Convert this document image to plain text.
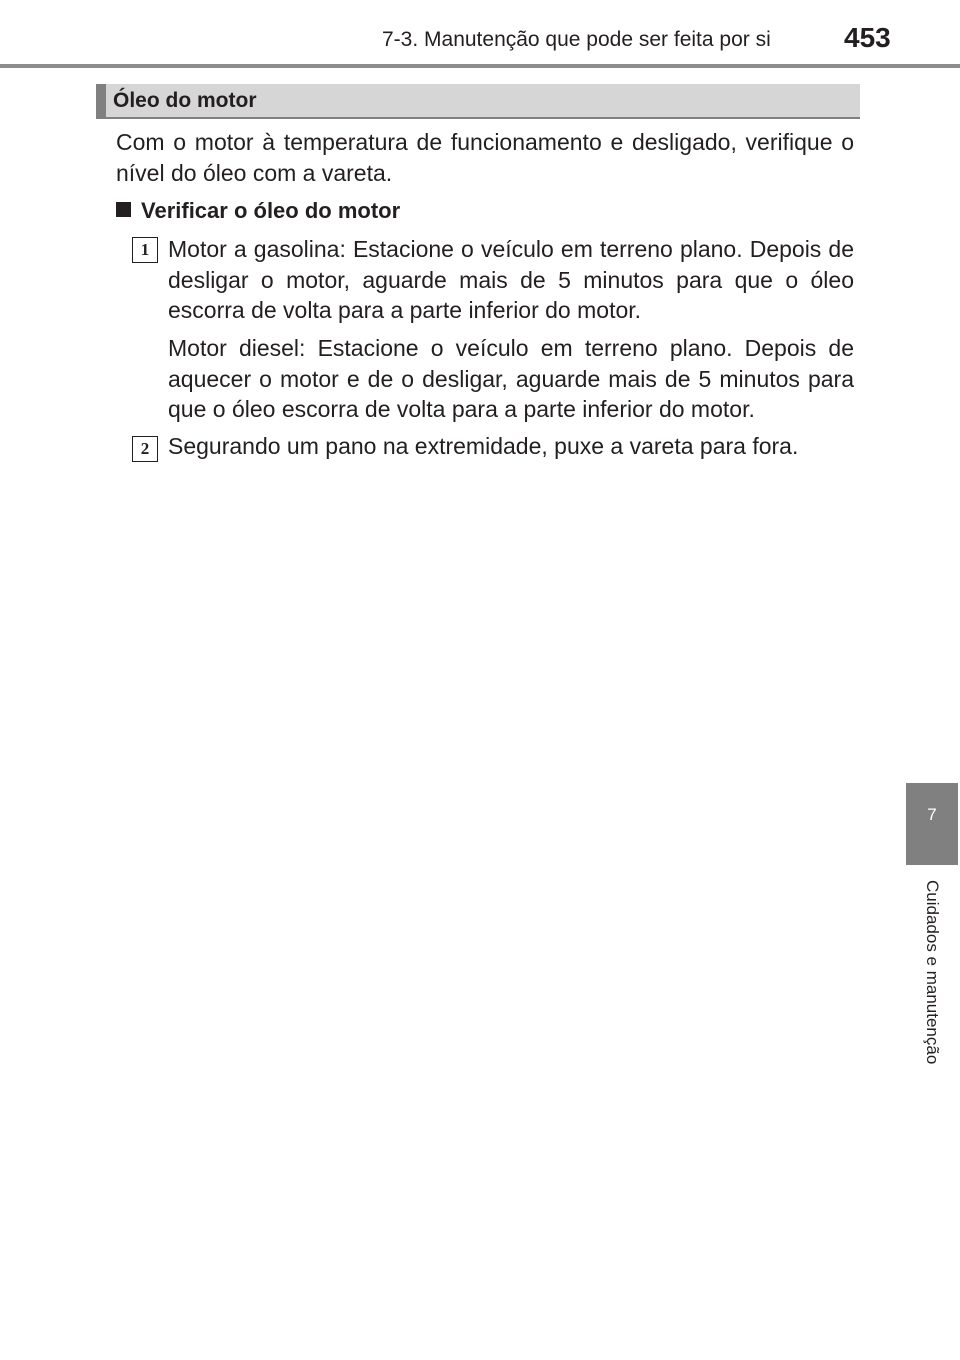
7-3. Manutenção que pode ser feita por si	453
Óleo do motor
Com o motor à temperatura de funcionamento e desligado, verifique o nível do óleo com a vareta.
Verificar o óleo do motor
1 Motor a gasolina: Estacione o veículo em terreno plano. Depois de desligar o motor, aguarde mais de 5 minutos para que o óleo escorra de volta para a parte inferior do motor.
Motor diesel: Estacione o veículo em terreno plano. Depois de aquecer o motor e de o desligar, aguarde mais de 5 minutos para que o óleo escorra de volta para a parte inferior do motor.
2 Segurando um pano na extremidade, puxe a vareta para fora.
7
Cuidados e manutenção
